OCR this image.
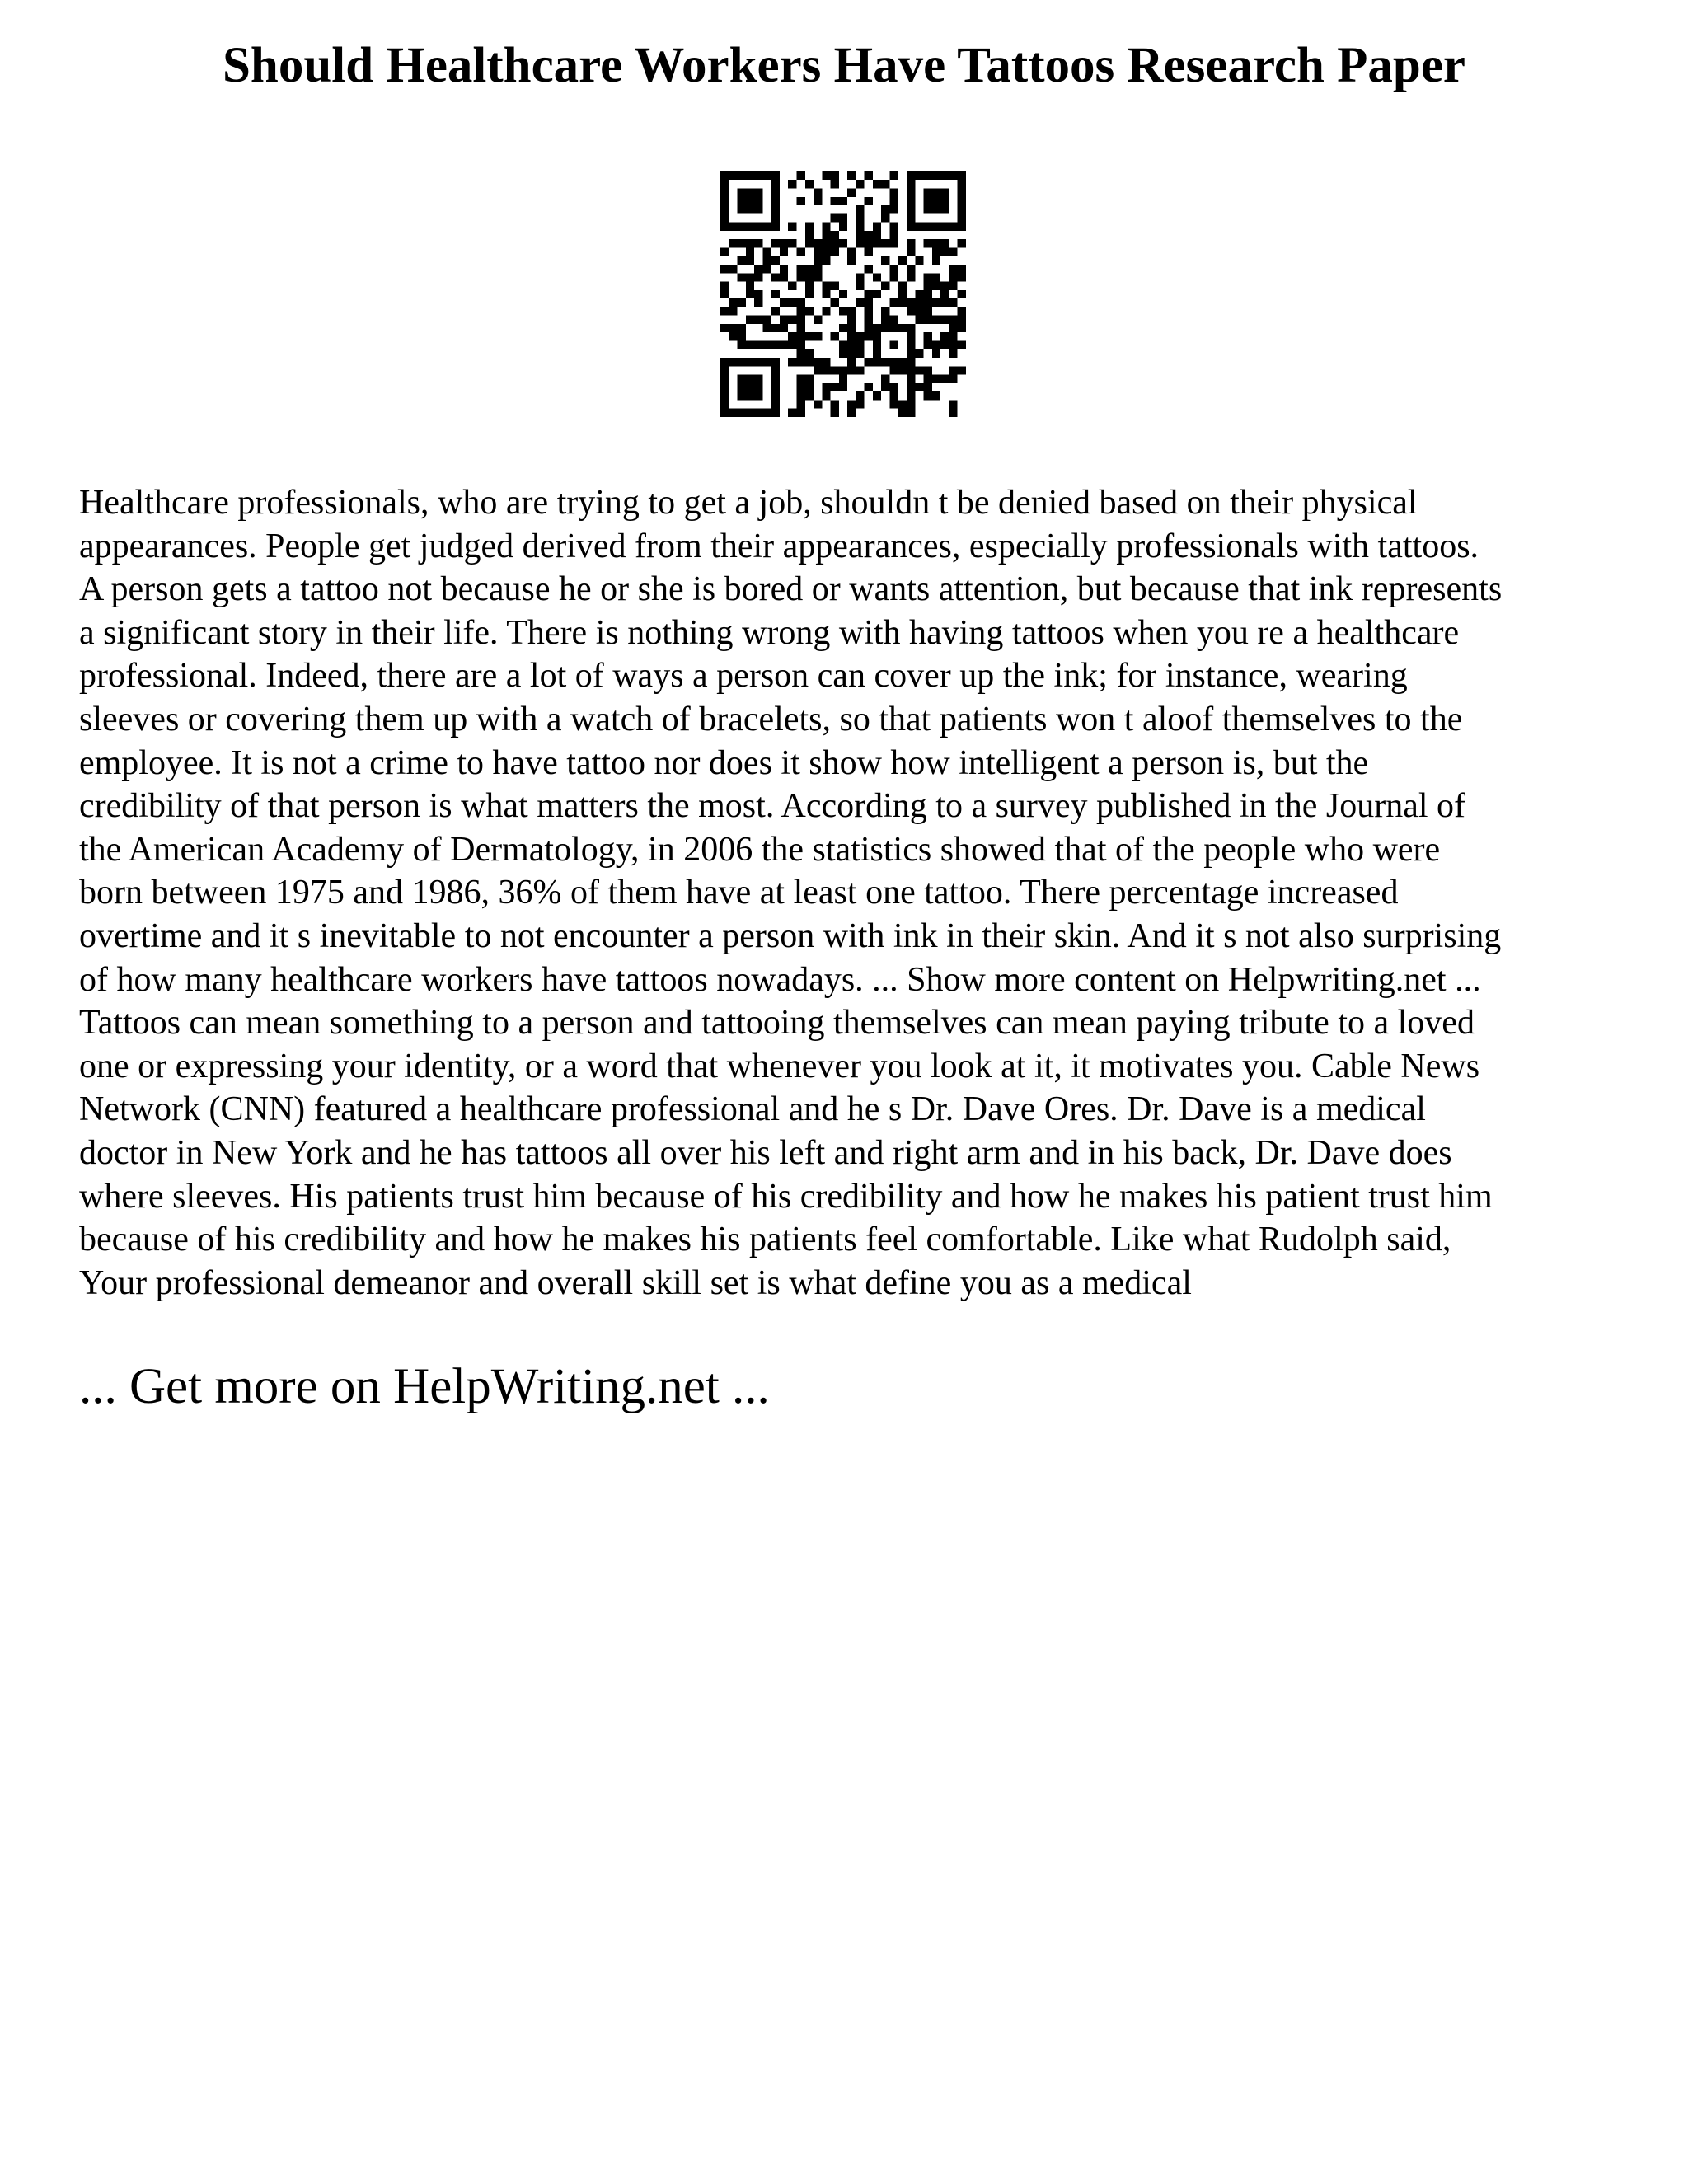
Should Healthcare Workers Have Tattoos Research Paper

Healthcare professionals, who are trying to get a job, shouldn t be denied based on their physical
appearances. People get judged derived from their appearances, especially professionals with tattoos.
A person gets a tattoo not because he or she is bored or wants attention, but because that ink represents
a significant story in their life. There is nothing wrong with having tattoos when you re a healthcare
professional. Indeed, there are a lot of ways a person can cover up the ink; for instance, wearing
sleeves or covering them up with a watch of bracelets, so that patients won t aloof themselves to the
employee. It is not a crime to have tattoo nor does it show how intelligent a person is, but the
credibility of that person is what matters the most. According to a survey published in the Journal of
the American Academy of Dermatology, in 2006 the statistics showed that of the people who were
born between 1975 and 1986, 36% of them have at least one tattoo. There percentage increased
overtime and it s inevitable to not encounter a person with ink in their skin. And it s not also surprising
of how many healthcare workers have tattoos nowadays. ... Show more content on Helpwriting.net ...
Tattoos can mean something to a person and tattooing themselves can mean paying tribute to a loved
one or expressing your identity, or a word that whenever you look at it, it motivates you. Cable News
Network (CNN) featured a healthcare professional and he s Dr. Dave Ores. Dr. Dave is a medical
doctor in New York and he has tattoos all over his left and right arm and in his back, Dr. Dave does
where sleeves. His patients trust him because of his credibility and how he makes his patient trust him
because of his credibility and how he makes his patients feel comfortable. Like what Rudolph said,
Your professional demeanor and overall skill set is what define you as a medical

... Get more on HelpWriting.net ...
